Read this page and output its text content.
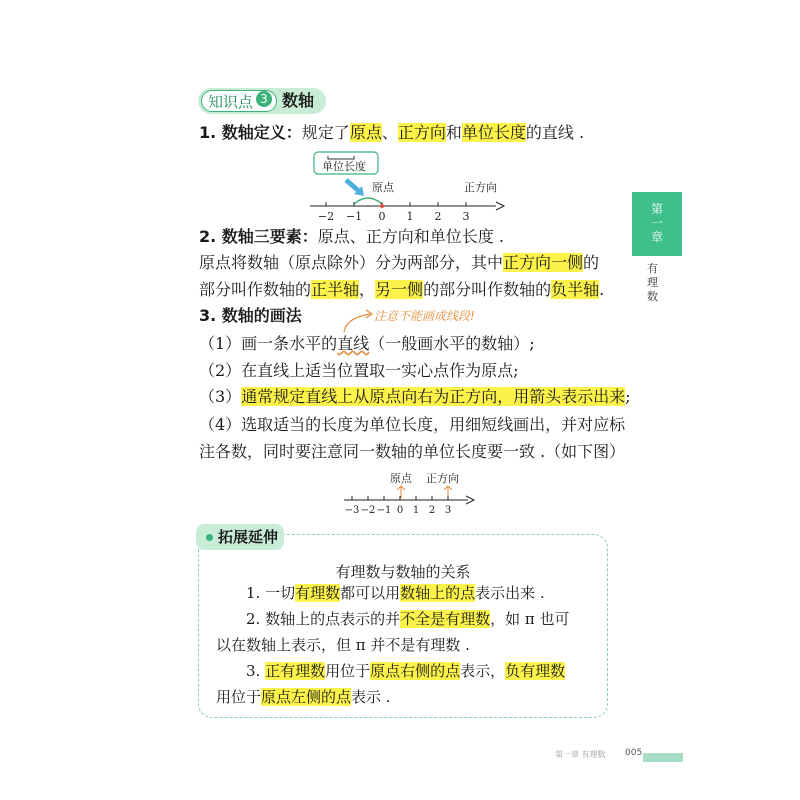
知识点 3 数轴
1. 数轴定义：规定了原点、正方向和单位长度的直线 .
单位长度
原点	正方向
−2 −1 0 1 2 3
2. 数轴三要素：原点、正方向和单位长度 .
原点将数轴（原点除外）分为两部分，其中正方向一侧的
部分叫作数轴的正半轴，另一侧的部分叫作数轴的负半轴.
3. 数轴的画法	注意不能画成线段!
（1）画一条水平的直线（一般画水平的数轴）;
（2）在直线上适当位置取一实心点作为原点;
（3）通常规定直线上从原点向右为正方向，用箭头表示出来;
（4）选取适当的长度为单位长度，用细短线画出，并对应标
注各数，同时要注意同一数轴的单位长度要一致 .（如下图）
原点 正方向
−3 −2 −1 0 1 2 3
拓展延伸
有理数与数轴的关系
1. 一切有理数都可以用数轴上的点表示出来 .
2. 数轴上的点表示的并不全是有理数，如 π 也可
以在数轴上表示，但 π 并不是有理数 .
3. 正有理数用位于原点右侧的点表示，负有理数
用位于原点左侧的点表示 .
第
一
章
有
理
数
第一章 有理数 005
